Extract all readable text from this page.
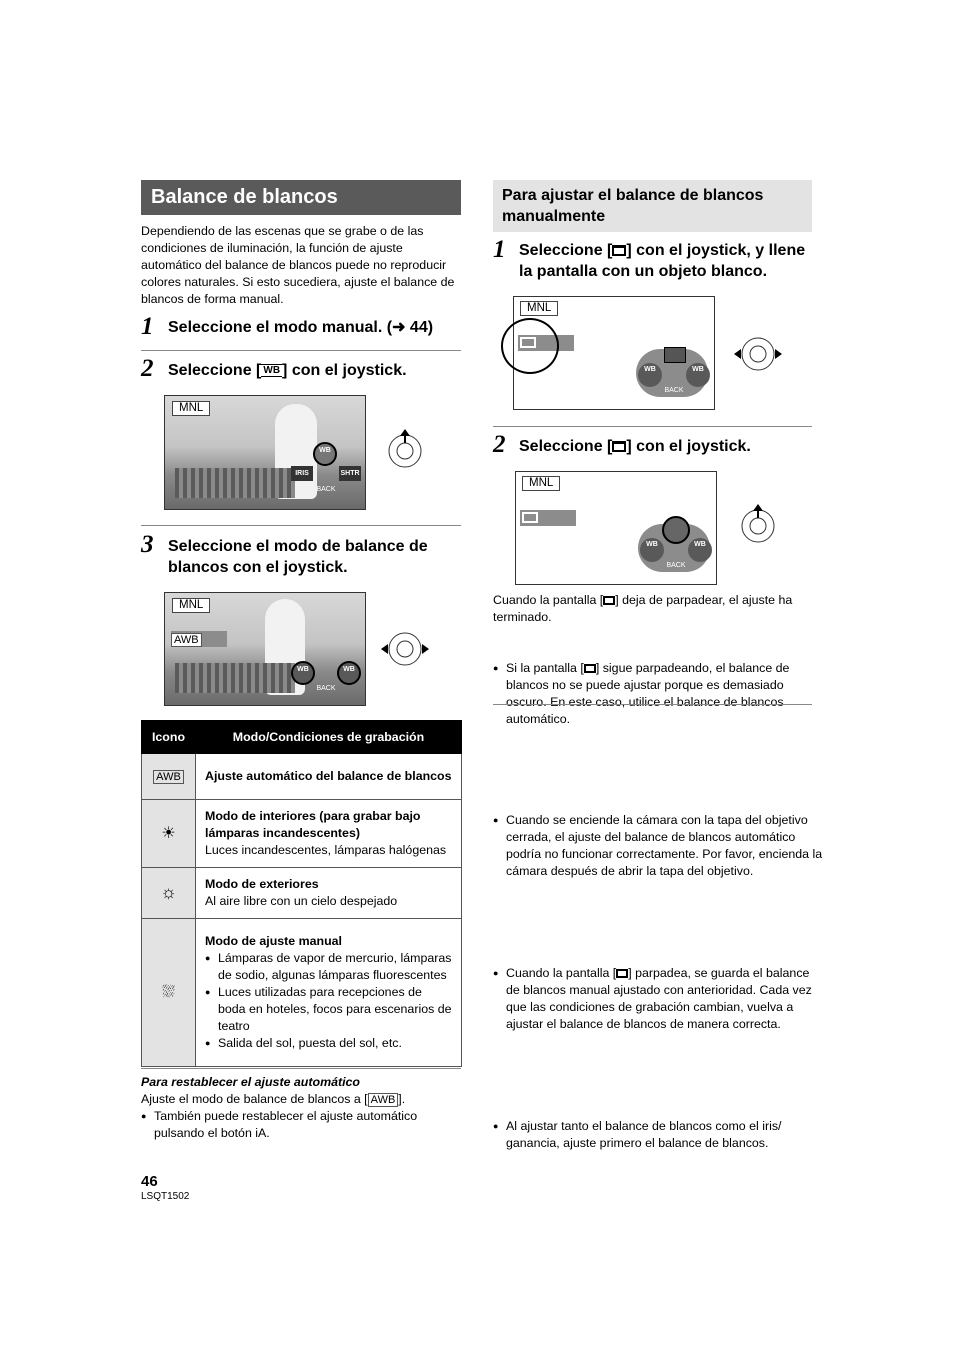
Balance de blancos
Dependiendo de las escenas que se grabe o de las condiciones de iluminación, la función de ajuste automático del balance de blancos puede no reproducir colores naturales. Si esto sucediera, ajuste el balance de blancos de forma manual.
1 Seleccione el modo manual. (➜ 44)
2 Seleccione [ WB ] con el joystick.
MNL
WB
IRIS	SHTR
BACK
3 Seleccione el modo de balance de blancos con el joystick.
MNL
AWB
WB	WB
BACK
Icono	Modo/Condiciones de grabación
AWB	Ajuste automático del balance de blancos

☀	Modo de interiores (para grabar bajo lámparas incandescentes)
Luces incandescentes, lámparas halógenas

☼	Modo de exteriores
Al aire libre con un cielo despejado

⛆	Modo de ajuste manual
● Lámparas de vapor de mercurio, lámparas de sodio, algunas lámparas fluorescentes
● Luces utilizadas para recepciones de boda en hoteles, focos para escenarios de teatro
● Salida del sol, puesta del sol, etc.
Para restablecer el ajuste automático
Ajuste el modo de balance de blancos a [ AWB ].
● También puede restablecer el ajuste automático pulsando el botón iA.
46
LSQT1502
Para ajustar el balance de blancos manualmente
1 Seleccione [ ] con el joystick, y llene la pantalla con un objeto blanco.
MNL
WB	WB
BACK
2 Seleccione [ ] con el joystick.
MNL
WB	WB
BACK
Cuando la pantalla [ ] deja de parpadear, el ajuste ha terminado.
● Si la pantalla [ ] sigue parpadeando, el balance de blancos no se puede ajustar porque es demasiado oscuro. En este caso, utilice el balance de blancos automático.
● Cuando se enciende la cámara con la tapa del objetivo cerrada, el ajuste del balance de blancos automático podría no funcionar correctamente. Por favor, encienda la cámara después de abrir la tapa del objetivo.
● Cuando la pantalla [ ] parpadea, se guarda el balance de blancos manual ajustado con anterioridad. Cada vez que las condiciones de grabación cambian, vuelva a ajustar el balance de blancos de manera correcta.
● Al ajustar tanto el balance de blancos como el iris/ ganancia, ajuste primero el balance de blancos.
